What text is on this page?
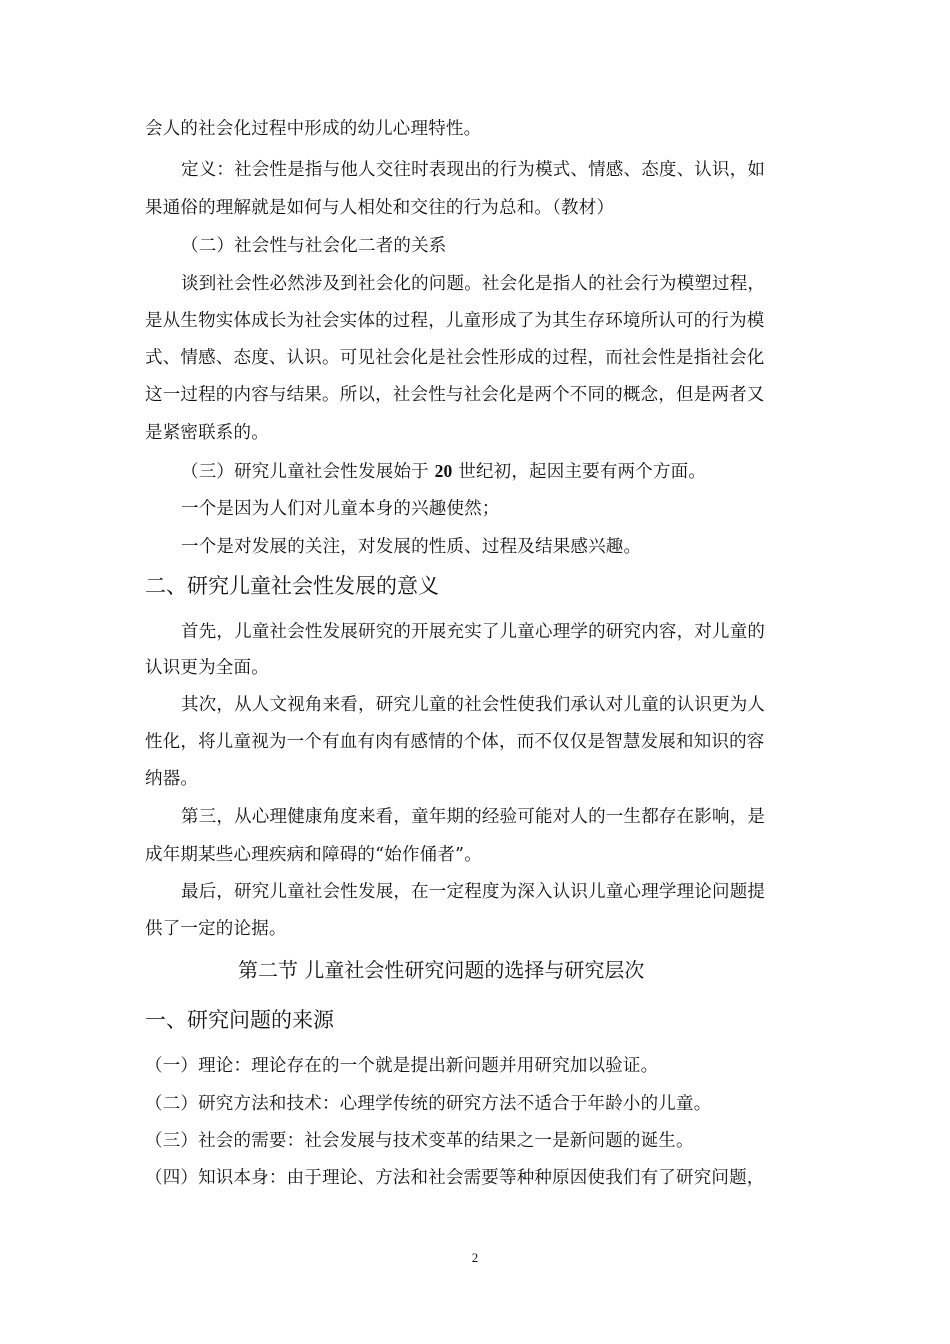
会人的社会化过程中形成的幼儿心理特性。
定义：社会性是指与他人交往时表现出的行为模式、情感、态度、认识，如
果通俗的理解就是如何与人相处和交往的行为总和。（教材）
（二）社会性与社会化二者的关系
谈到社会性必然涉及到社会化的问题。社会化是指人的社会行为模塑过程，
是从生物实体成长为社会实体的过程，儿童形成了为其生存环境所认可的行为模
式、情感、态度、认识。可见社会化是社会性形成的过程，而社会性是指社会化
这一过程的内容与结果。所以，社会性与社会化是两个不同的概念，但是两者又
是紧密联系的。
（三）研究儿童社会性发展始于 20 世纪初，起因主要有两个方面。
一个是因为人们对儿童本身的兴趣使然；
一个是对发展的关注，对发展的性质、过程及结果感兴趣。
二、研究儿童社会性发展的意义
首先，儿童社会性发展研究的开展充实了儿童心理学的研究内容，对儿童的
认识更为全面。
其次，从人文视角来看，研究儿童的社会性使我们承认对儿童的认识更为人
性化，将儿童视为一个有血有肉有感情的个体，而不仅仅是智慧发展和知识的容
纳器。
第三，从心理健康角度来看，童年期的经验可能对人的一生都存在影响，是
成年期某些心理疾病和障碍的“始作俑者”。
最后，研究儿童社会性发展，在一定程度为深入认识儿童心理学理论问题提
供了一定的论据。
第二节 儿童社会性研究问题的选择与研究层次
一、研究问题的来源
（一）理论：理论存在的一个就是提出新问题并用研究加以验证。
（二）研究方法和技术：心理学传统的研究方法不适合于年龄小的儿童。
（三）社会的需要：社会发展与技术变革的结果之一是新问题的诞生。
（四）知识本身：由于理论、方法和社会需要等种种原因使我们有了研究问题，
2
